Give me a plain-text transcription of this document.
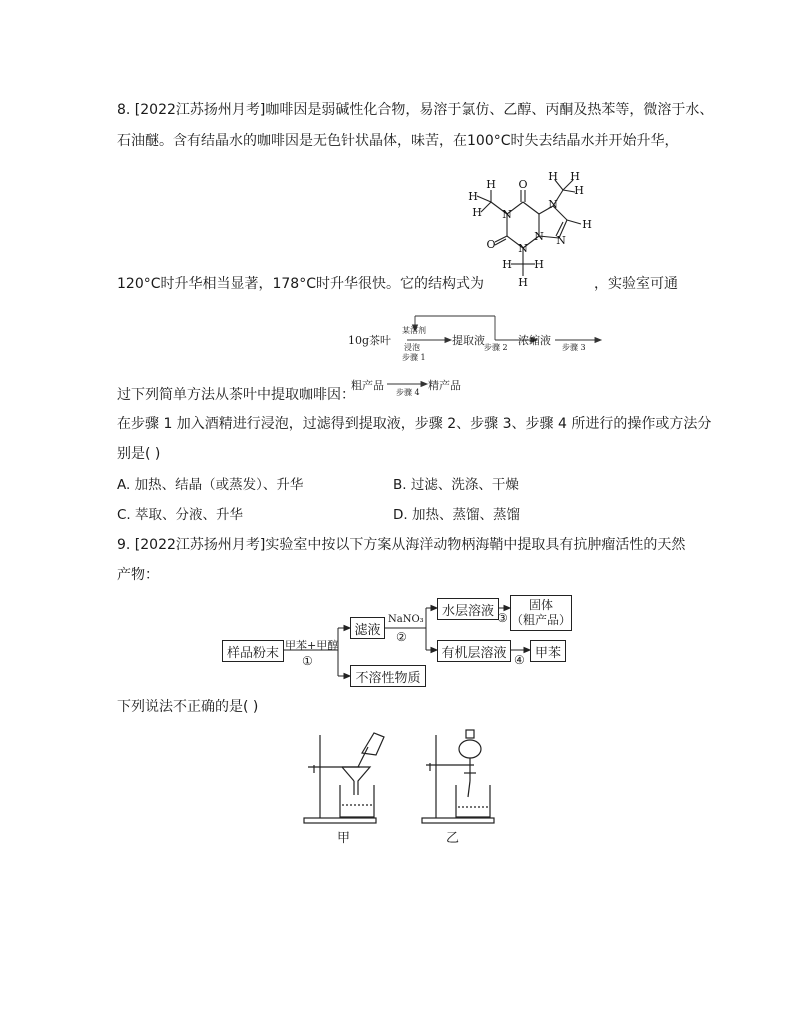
8. [2022江苏扬州月考]咖啡因是弱碱性化合物，易溶于氯仿、乙醇、丙酮及热苯等，微溶于水、
石油醚。含有结晶水的咖啡因是无色针状晶体，味苦，在100°C时失去结晶水并开始升华，
H
H
H O
N
N
H H
H
N
H
O
N
N
H H
H
120°C时升华相当显著，178°C时升华很快。它的结构式为	，实验室可通
10g茶叶
某溶剂
浸泡
步骤 1
提取液
步骤 2
浓缩液
步骤 3
粗产品
步骤 4
精产品
过下列简单方法从茶叶中提取咖啡因：
在步骤 1 加入酒精进行浸泡，过滤得到提取液，步骤 2、步骤 3、步骤 4 所进行的操作或方法分
别是( )
A. 加热、结晶（或蒸发）、升华	B. 过滤、洗涤、干燥
C. 萃取、分液、升华	D. 加热、蒸馏、蒸馏
9. [2022江苏扬州月考]实验室中按以下方案从海洋动物柄海鞘中提取具有抗肿瘤活性的天然
产物：
样品粉末 甲苯+甲醇
①
滤液
NaNO₃
②
不溶性物质
水层溶液 ③
固体
（粗产品）
有机层溶液 ④ 甲苯
下列说法不正确的是( )
甲	乙
